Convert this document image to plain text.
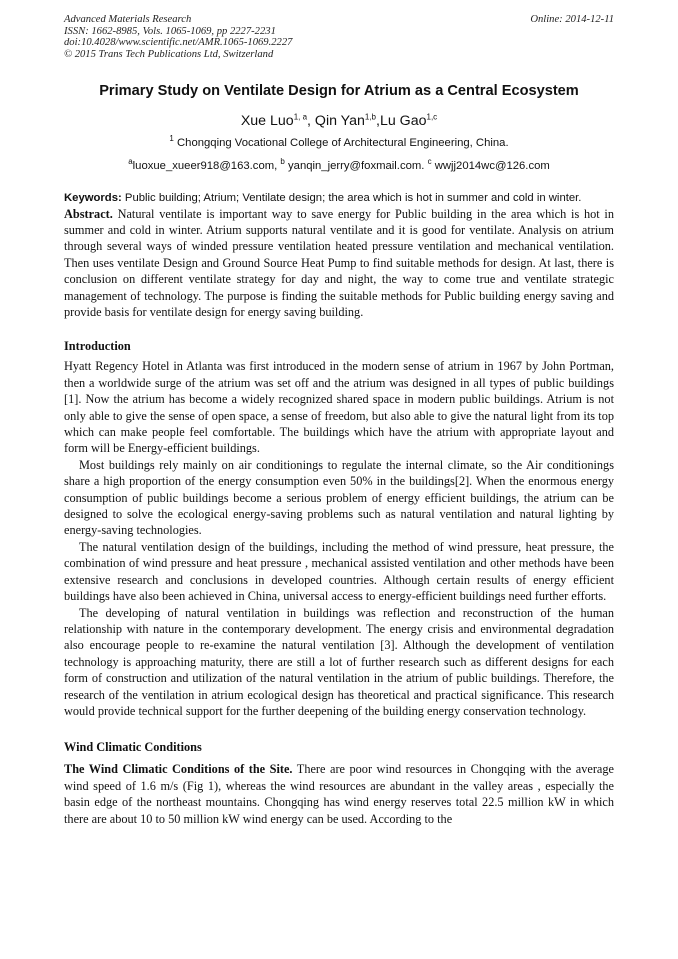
Advanced Materials Research	Online: 2014-12-11
ISSN: 1662-8985, Vols. 1065-1069, pp 2227-2231
doi:10.4028/www.scientific.net/AMR.1065-1069.2227
© 2015 Trans Tech Publications Ltd, Switzerland
Primary Study on Ventilate Design for Atrium as a Central Ecosystem
Xue Luo$^{1, a}$, Qin Yan$^{1,b}$,Lu Gao$^{1,c}$
$^1$ Chongqing Vocational College of Architectural Engineering, China.
$^a$luoxue_xueer918@163.com, $^b$ yanqin_jerry@foxmail.com. $^c$ wwjj2014wc@126.com
Keywords: Public building; Atrium; Ventilate design; the area which is hot in summer and cold in winter.

Abstract. Natural ventilate is important way to save energy for Public building in the area which is hot in summer and cold in winter. Atrium supports natural ventilate and it is good for ventilate. Analysis on atrium through several ways of winded pressure ventilation heated pressure ventilation and mechanical ventilation. Then uses ventilate Design and Ground Source Heat Pump to find suitable methods for design. At last, there is conclusion on different ventilate strategy for day and night, the way to come true and ventilate strategic management of technology. The purpose is finding the suitable methods for Public building energy saving and provide basis for ventilate design for energy saving building.

Introduction

Hyatt Regency Hotel in Atlanta was first introduced in the modern sense of atrium in 1967 by John Portman, then a worldwide surge of the atrium was set off and the atrium was designed in all types of public buildings [1]. Now the atrium has become a widely recognized shared space in modern public buildings. Atrium is not only able to give the sense of open space, a sense of freedom, but also able to give the natural light from its top which can make people feel comfortable. The buildings which have the atrium with appropriate layout and form will be Energy-efficient buildings.

Most buildings rely mainly on air conditionings to regulate the internal climate, so the Air conditionings share a high proportion of the energy consumption even 50% in the buildings[2]. When the enormous energy consumption of public buildings become a serious problem of energy efficient buildings, the atrium can be designed to solve the ecological energy-saving problems such as natural ventilation and natural lighting by energy-saving technologies.

The natural ventilation design of the buildings, including the method of wind pressure, heat pressure, the combination of wind pressure and heat pressure , mechanical assisted ventilation and other methods have been extensive research and conclusions in developed countries. Although certain results of energy efficient buildings have also been achieved in China, universal access to energy-efficient buildings need further efforts.

The developing of natural ventilation in buildings was reflection and reconstruction of the human relationship with nature in the contemporary development. The energy crisis and environmental degradation also encourage people to re-examine the natural ventilation [3]. Although the development of ventilation technology is approaching maturity, there are still a lot of further research such as different designs for each form of construction and utilization of the natural ventilation in the atrium of public buildings. Therefore, the research of the ventilation in atrium ecological design has theoretical and practical significance. This research would provide technical support for the further deepening of the building energy conservation technology.

Wind Climatic Conditions

The Wind Climatic Conditions of the Site. There are poor wind resources in Chongqing with the average wind speed of 1.6 m/s (Fig 1), whereas the wind resources are abundant in the valley areas , especially the basin edge of the northeast mountains. Chongqing has wind energy reserves total 22.5 million kW in which there are about 10 to 50 million kW wind energy can be used. According to the
